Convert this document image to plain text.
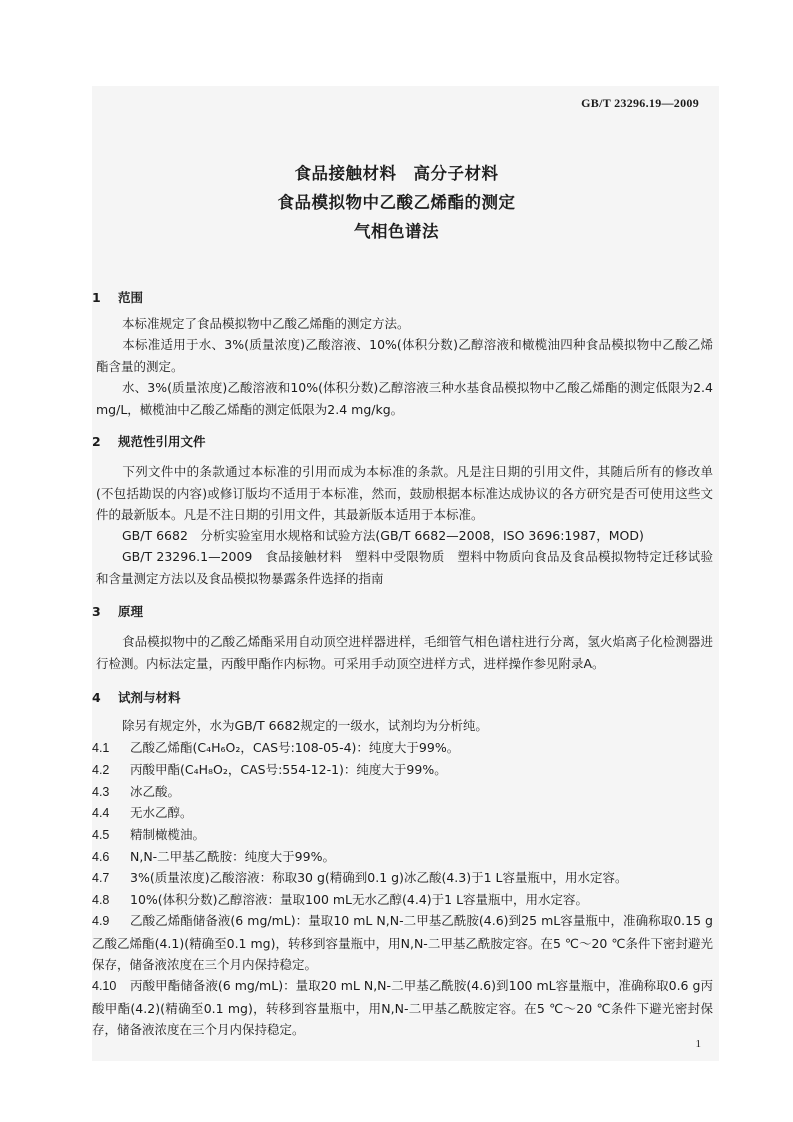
GB/T 23296.19—2009
食品接触材料　高分子材料
食品模拟物中乙酸乙烯酯的测定
气相色谱法
1 范围
本标准规定了食品模拟物中乙酸乙烯酯的测定方法。
本标准适用于水、3%(质量浓度)乙酸溶液、10%(体积分数)乙醇溶液和橄榄油四种食品模拟物中乙酸乙烯酯含量的测定。
水、3%(质量浓度)乙酸溶液和10%(体积分数)乙醇溶液三种水基食品模拟物中乙酸乙烯酯的测定低限为2.4 mg/L，橄榄油中乙酸乙烯酯的测定低限为2.4 mg/kg。
2 规范性引用文件
下列文件中的条款通过本标准的引用而成为本标准的条款。凡是注日期的引用文件，其随后所有的修改单(不包括勘误的内容)或修订版均不适用于本标准，然而，鼓励根据本标准达成协议的各方研究是否可使用这些文件的最新版本。凡是不注日期的引用文件，其最新版本适用于本标准。
GB/T 6682　分析实验室用水规格和试验方法(GB/T 6682—2008，ISO 3696:1987，MOD)
GB/T 23296.1—2009　食品接触材料　塑料中受限物质　塑料中物质向食品及食品模拟物特定迁移试验和含量测定方法以及食品模拟物暴露条件选择的指南
3 原理
食品模拟物中的乙酸乙烯酯采用自动顶空进样器进样，毛细管气相色谱柱进行分离，氢火焰离子化检测器进行检测。内标法定量，丙酸甲酯作内标物。可采用手动顶空进样方式，进样操作参见附录A。
4 试剂与材料
除另有规定外，水为GB/T 6682规定的一级水，试剂均为分析纯。
4.1 乙酸乙烯酯(C₄H₆O₂，CAS号:108-05-4)：纯度大于99%。
4.2 丙酸甲酯(C₄H₈O₂，CAS号:554-12-1)：纯度大于99%。
4.3 冰乙酸。
4.4 无水乙醇。
4.5 精制橄榄油。
4.6 N,N-二甲基乙酰胺：纯度大于99%。
4.7 3%(质量浓度)乙酸溶液：称取30 g(精确到0.1 g)冰乙酸(4.3)于1 L容量瓶中，用水定容。
4.8 10%(体积分数)乙醇溶液：量取100 mL无水乙醇(4.4)于1 L容量瓶中，用水定容。
4.9 乙酸乙烯酯储备液(6 mg/mL)：量取10 mL N,N-二甲基乙酰胺(4.6)到25 mL容量瓶中，准确称取0.15 g乙酸乙烯酯(4.1)(精确至0.1 mg)，转移到容量瓶中，用N,N-二甲基乙酰胺定容。在5 ℃～20 ℃条件下密封避光保存，储备液浓度在三个月内保持稳定。
4.10 丙酸甲酯储备液(6 mg/mL)：量取20 mL N,N-二甲基乙酰胺(4.6)到100 mL容量瓶中，准确称取0.6 g丙酸甲酯(4.2)(精确至0.1 mg)，转移到容量瓶中，用N,N-二甲基乙酰胺定容。在5 ℃～20 ℃条件下避光密封保存，储备液浓度在三个月内保持稳定。
1
